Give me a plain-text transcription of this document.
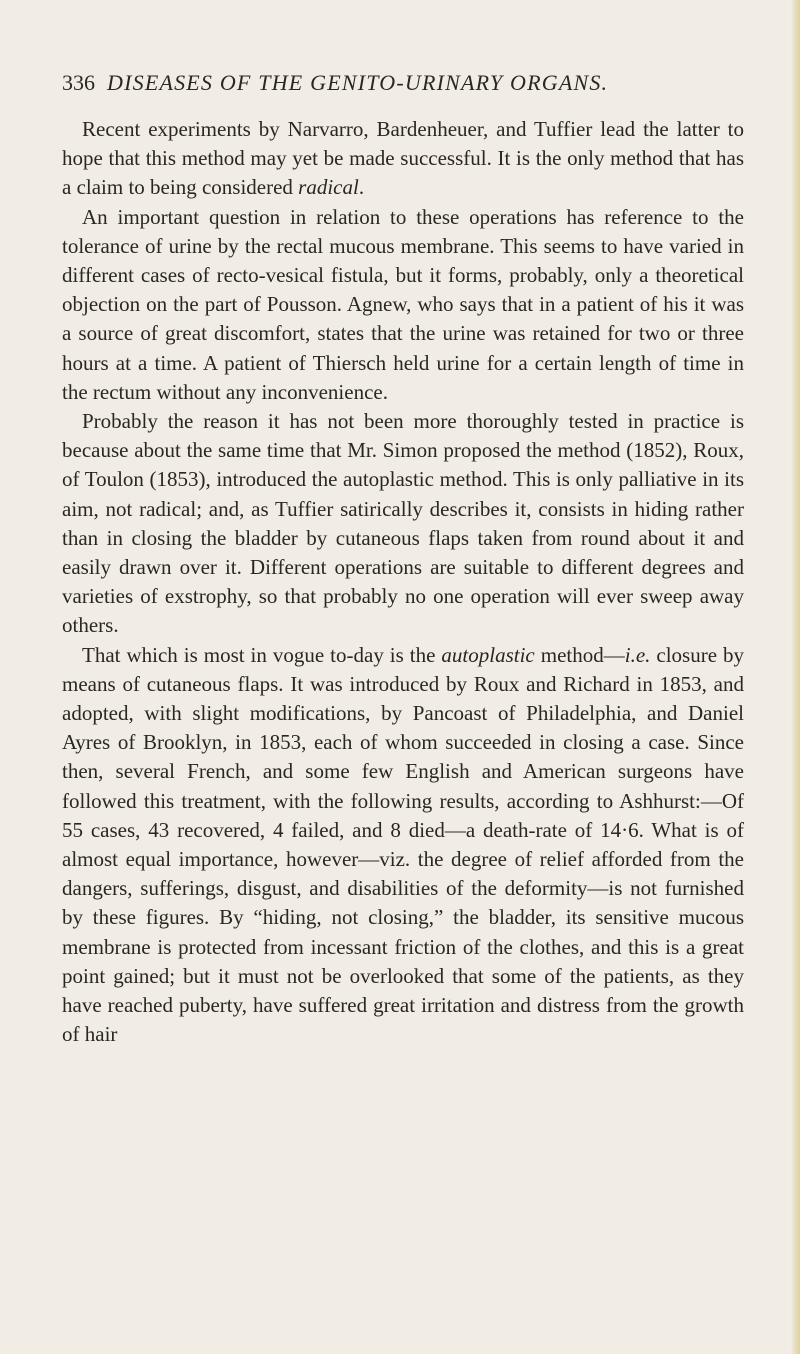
336 DISEASES OF THE GENITO-URINARY ORGANS.

Recent experiments by Narvarro, Bardenheuer, and Tuffier lead the latter to hope that this method may yet be made successful. It is the only method that has a claim to being considered radical.

An important question in relation to these operations has reference to the tolerance of urine by the rectal mucous membrane. This seems to have varied in different cases of recto-vesical fistula, but it forms, probably, only a theoretical objection on the part of Pousson. Agnew, who says that in a patient of his it was a source of great discomfort, states that the urine was retained for two or three hours at a time. A patient of Thiersch held urine for a certain length of time in the rectum without any inconvenience.

Probably the reason it has not been more thoroughly tested in practice is because about the same time that Mr. Simon proposed the method (1852), Roux, of Toulon (1853), introduced the autoplastic method. This is only palliative in its aim, not radical; and, as Tuffier satirically describes it, consists in hiding rather than in closing the bladder by cutaneous flaps taken from round about it and easily drawn over it. Different operations are suitable to different degrees and varieties of exstrophy, so that probably no one operation will ever sweep away others.

That which is most in vogue to-day is the autoplastic method—i.e. closure by means of cutaneous flaps. It was introduced by Roux and Richard in 1853, and adopted, with slight modifications, by Pancoast of Philadelphia, and Daniel Ayres of Brooklyn, in 1853, each of whom succeeded in closing a case. Since then, several French, and some few English and American surgeons have followed this treatment, with the following results, according to Ashhurst:—Of 55 cases, 43 recovered, 4 failed, and 8 died—a death-rate of 14·6. What is of almost equal importance, however—viz. the degree of relief afforded from the dangers, sufferings, disgust, and disabilities of the deformity—is not furnished by these figures. By “hiding, not closing,” the bladder, its sensitive mucous membrane is protected from incessant friction of the clothes, and this is a great point gained; but it must not be overlooked that some of the patients, as they have reached puberty, have suffered great irritation and distress from the growth of hair
